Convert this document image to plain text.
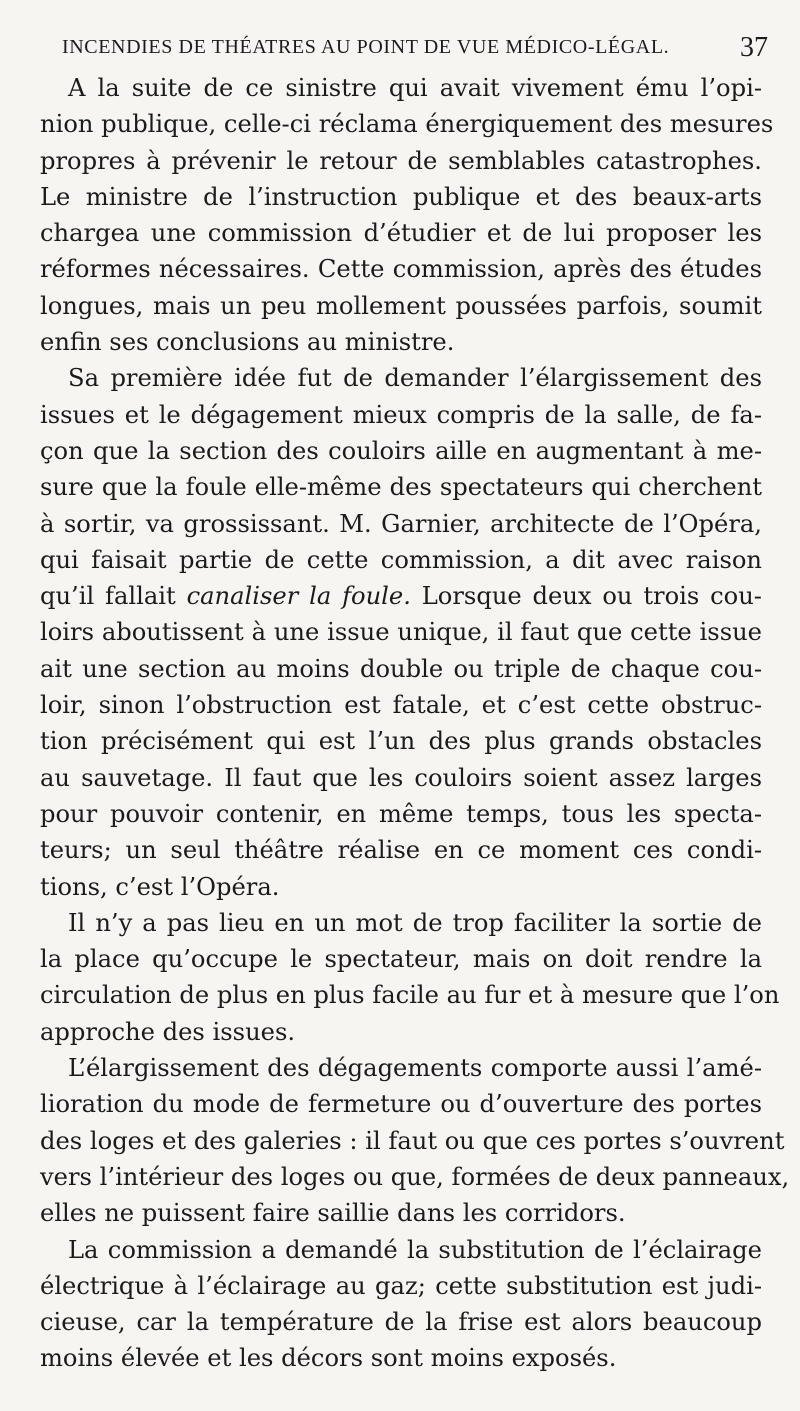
INCENDIES DE THÉATRES AU POINT DE VUE MÉDICO-LÉGAL.	37
A la suite de ce sinistre qui avait vivement ému l’opi-
nion publique, celle-ci réclama énergiquement des mesures
propres à prévenir le retour de semblables catastrophes.
Le ministre de l’instruction publique et des beaux-arts
chargea une commission d’étudier et de lui proposer les
réformes nécessaires. Cette commission, après des études
longues, mais un peu mollement poussées parfois, soumit
enfin ses conclusions au ministre.
Sa première idée fut de demander l’élargissement des
issues et le dégagement mieux compris de la salle, de fa-
çon que la section des couloirs aille en augmentant à me-
sure que la foule elle-même des spectateurs qui cherchent
à sortir, va grossissant. M. Garnier, architecte de l’Opéra,
qui faisait partie de cette commission, a dit avec raison
qu’il fallait canaliser la foule. Lorsque deux ou trois cou-
loirs aboutissent à une issue unique, il faut que cette issue
ait une section au moins double ou triple de chaque cou-
loir, sinon l’obstruction est fatale, et c’est cette obstruc-
tion précisément qui est l’un des plus grands obstacles
au sauvetage. Il faut que les couloirs soient assez larges
pour pouvoir contenir, en même temps, tous les specta-
teurs; un seul théâtre réalise en ce moment ces condi-
tions, c’est l’Opéra.
Il n’y a pas lieu en un mot de trop faciliter la sortie de
la place qu’occupe le spectateur, mais on doit rendre la
circulation de plus en plus facile au fur et à mesure que l’on
approche des issues.
L’élargissement des dégagements comporte aussi l’amé-
lioration du mode de fermeture ou d’ouverture des portes
des loges et des galeries : il faut ou que ces portes s’ouvrent
vers l’intérieur des loges ou que, formées de deux panneaux,
elles ne puissent faire saillie dans les corridors.
La commission a demandé la substitution de l’éclairage
électrique à l’éclairage au gaz; cette substitution est judi-
cieuse, car la température de la frise est alors beaucoup
moins élevée et les décors sont moins exposés.
